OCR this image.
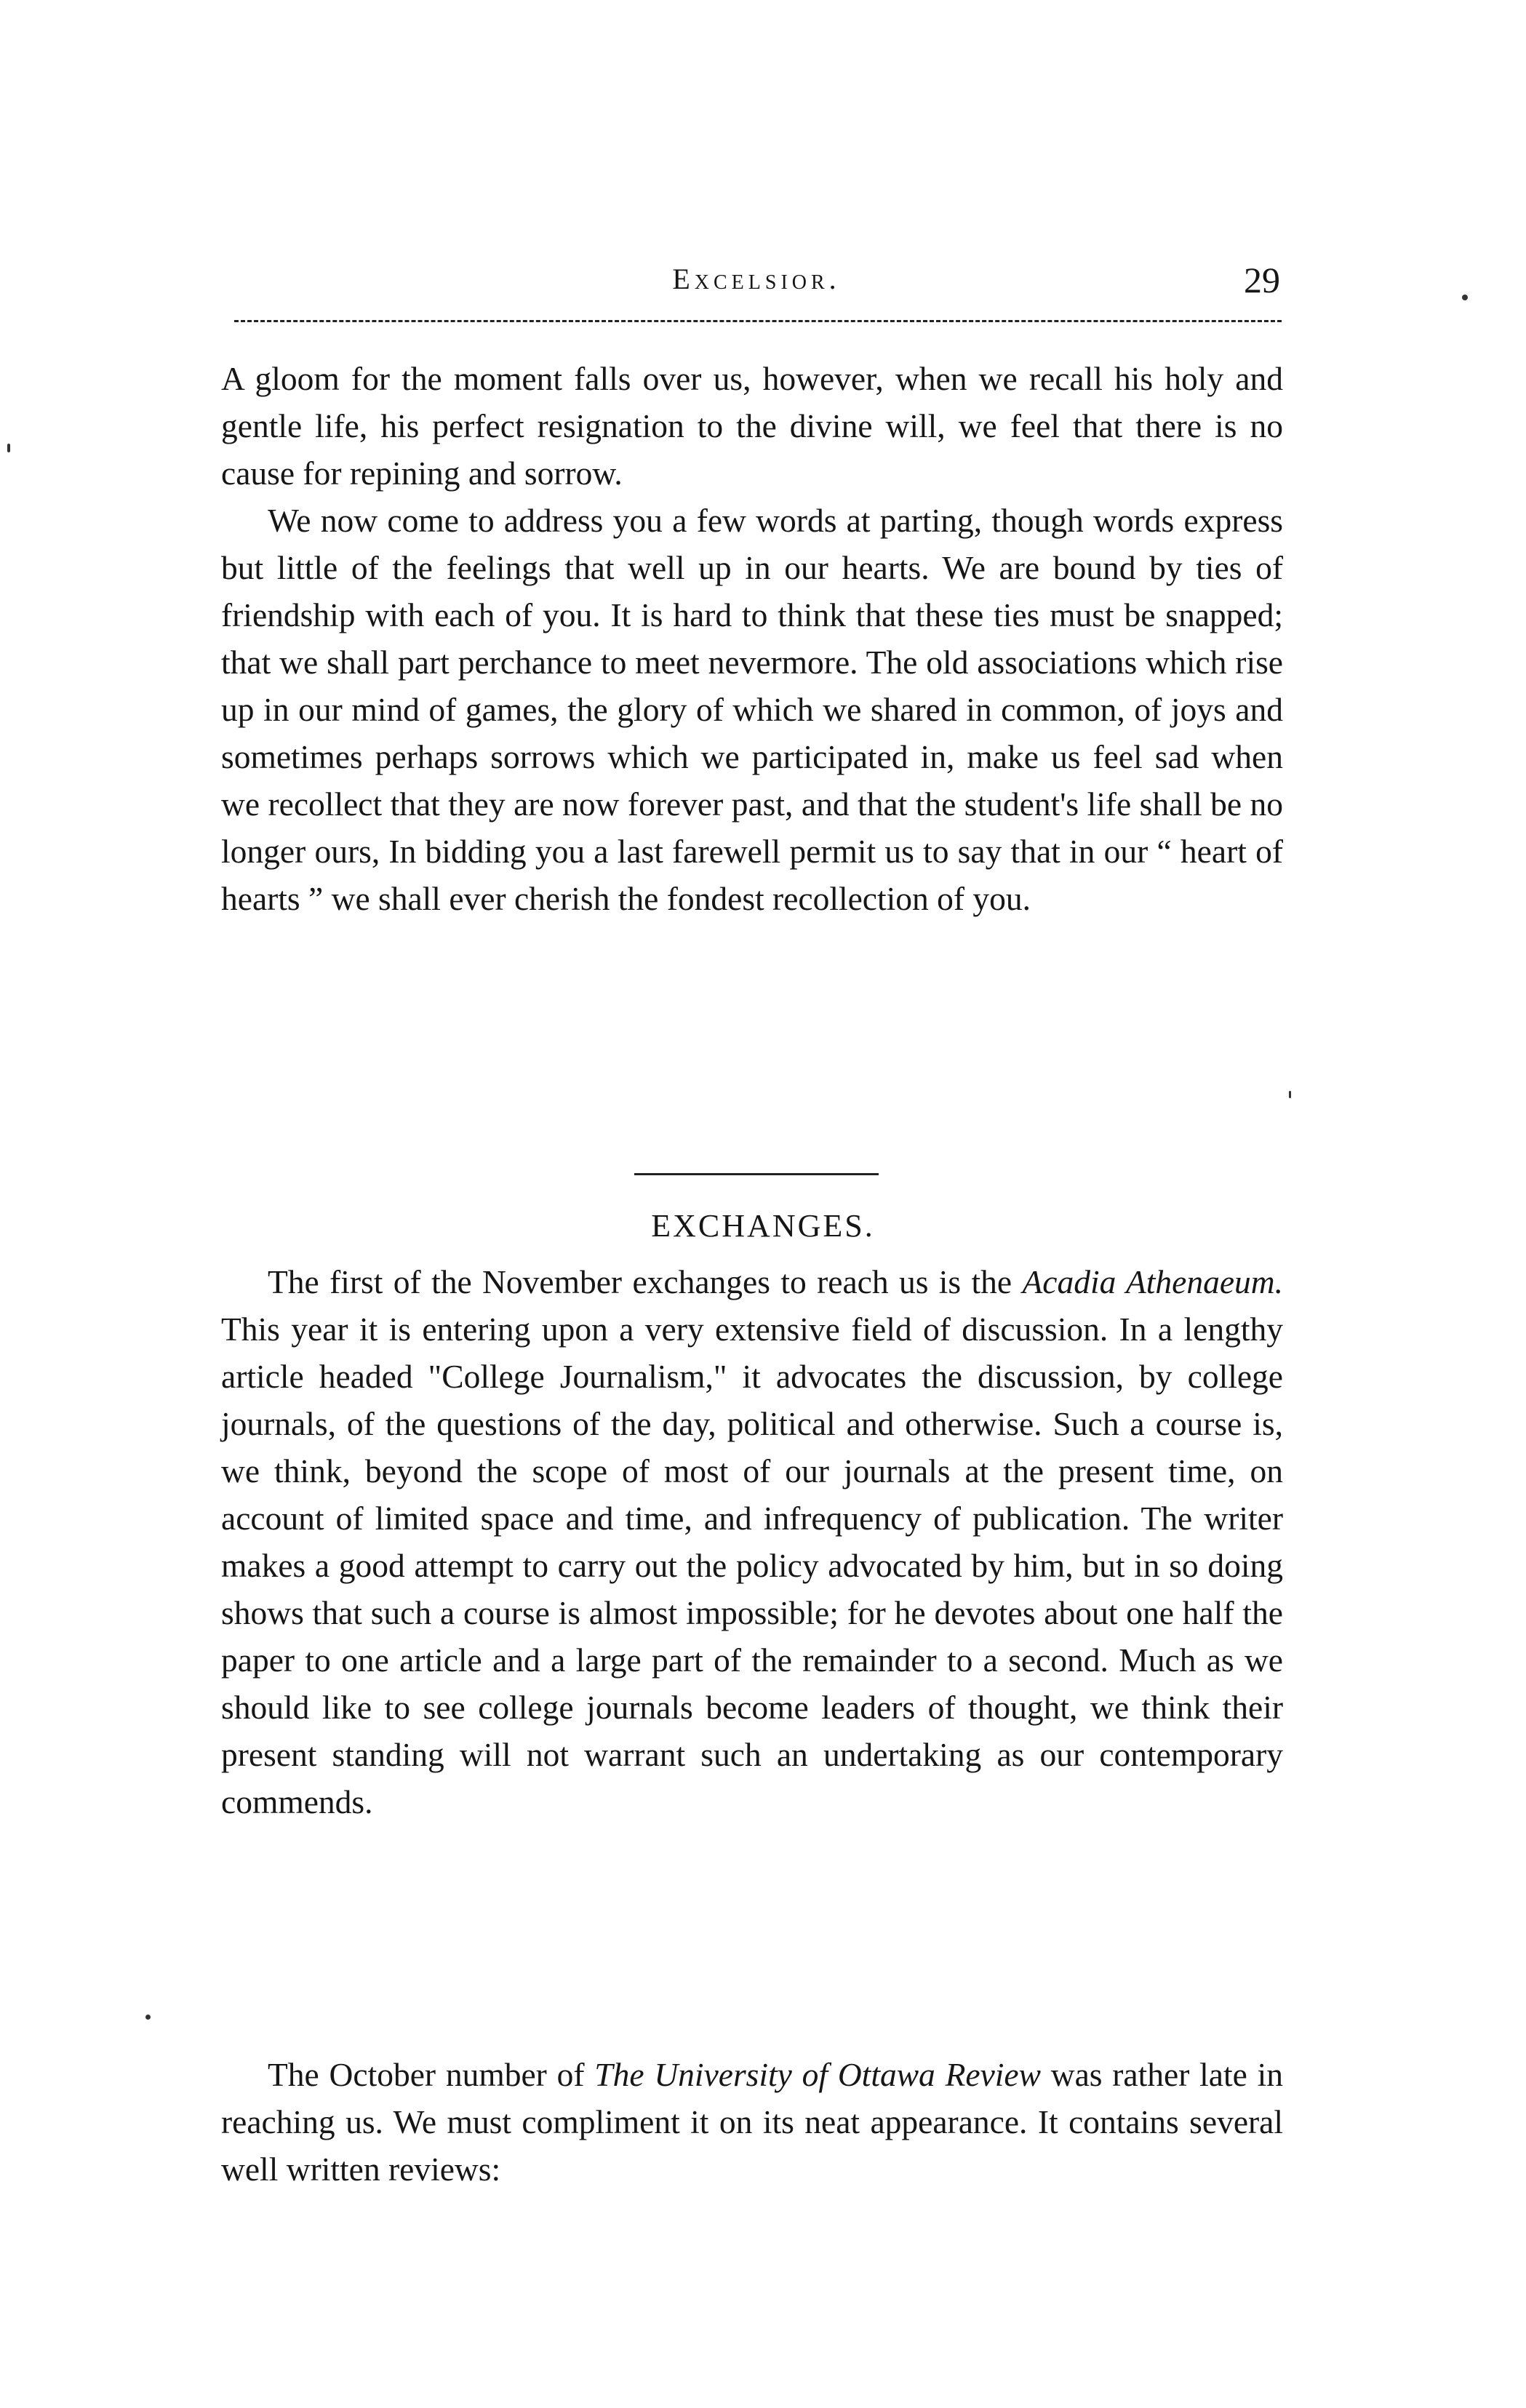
Excelsior.	29

A gloom for the moment falls over us, however, when we recall his holy and gentle life, his perfect resignation to the divine will, we feel that there is no cause for repining and sorrow.

We now come to address you a few words at parting, though words express but little of the feelings that well up in our hearts. We are bound by ties of friendship with each of you. It is hard to think that these ties must be snapped; that we shall part perchance to meet nevermore. The old associations which rise up in our mind of games, the glory of which we shared in common, of joys and sometimes perhaps sorrows which we participated in, make us feel sad when we recollect that they are now forever past, and that the student's life shall be no longer ours, In bidding you a last farewell permit us to say that in our “ heart of hearts ” we shall ever cherish the fondest recollection of you.

EXCHANGES.

The first of the November exchanges to reach us is the Acadia Athenaeum. This year it is entering upon a very extensive field of discussion. In a lengthy article headed "College Journalism," it advocates the discussion, by college journals, of the questions of the day, political and otherwise. Such a course is, we think, beyond the scope of most of our journals at the present time, on account of limited space and time, and infrequency of publication. The writer makes a good attempt to carry out the policy advocated by him, but in so doing shows that such a course is almost impossible; for he devotes about one half the paper to one article and a large part of the remainder to a second. Much as we should like to see college journals become leaders of thought, we think their present standing will not warrant such an undertaking as our contemporary commends.

The October number of The University of Ottawa Review was rather late in reaching us. We must compliment it on its neat appearance. It contains several well written reviews:
